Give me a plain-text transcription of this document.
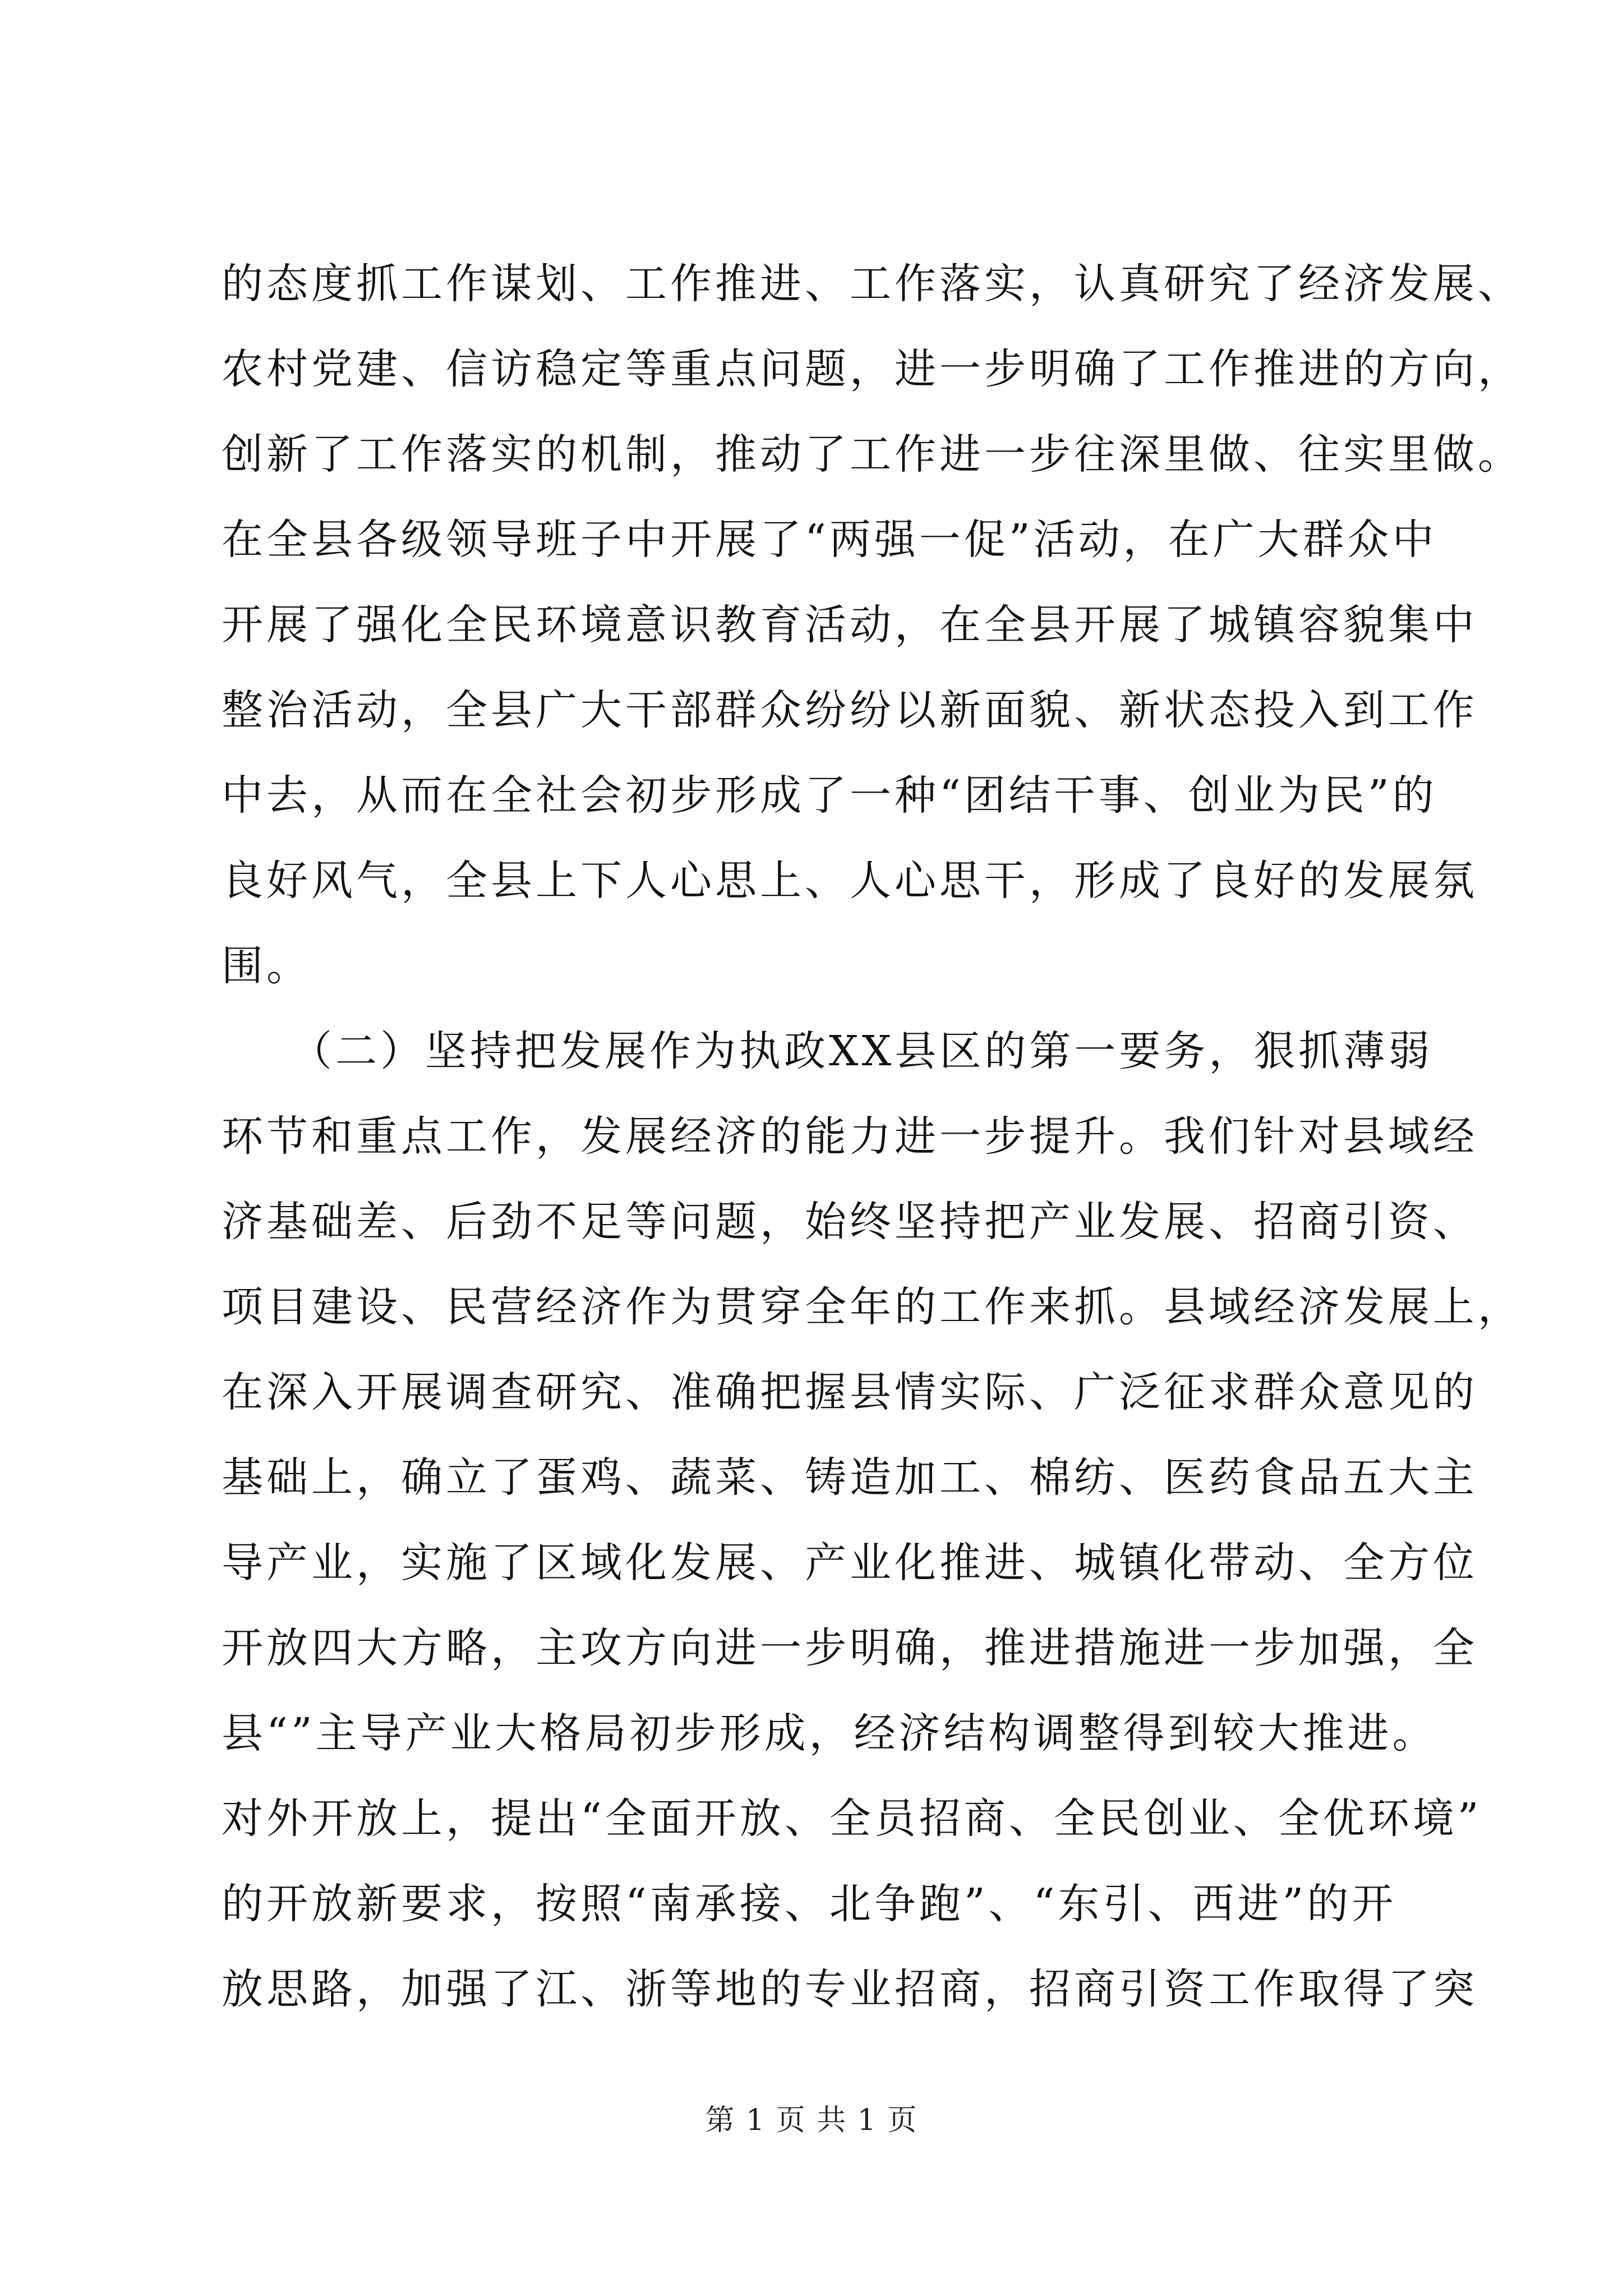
的态度抓工作谋划、工作推进、工作落实，认真研究了经济发展、
农村党建、信访稳定等重点问题，进一步明确了工作推进的方向，
创新了工作落实的机制，推动了工作进一步往深里做、往实里做。
在全县各级领导班子中开展了“两强一促”活动，在广大群众中
开展了强化全民环境意识教育活动，在全县开展了城镇容貌集中
整治活动，全县广大干部群众纷纷以新面貌、新状态投入到工作
中去，从而在全社会初步形成了一种“团结干事、创业为民”的
良好风气，全县上下人心思上、人心思干，形成了良好的发展氛
围。
　　（二）坚持把发展作为执政XX县区的第一要务，狠抓薄弱
环节和重点工作，发展经济的能力进一步提升。我们针对县域经
济基础差、后劲不足等问题，始终坚持把产业发展、招商引资、
项目建设、民营经济作为贯穿全年的工作来抓。县域经济发展上，
在深入开展调查研究、准确把握县情实际、广泛征求群众意见的
基础上，确立了蛋鸡、蔬菜、铸造加工、棉纺、医药食品五大主
导产业，实施了区域化发展、产业化推进、城镇化带动、全方位
开放四大方略，主攻方向进一步明确，推进措施进一步加强，全
县“”主导产业大格局初步形成，经济结构调整得到较大推进。
对外开放上，提出“全面开放、全员招商、全民创业、全优环境”
的开放新要求，按照“南承接、北争跑”、“东引、西进”的开
放思路，加强了江、浙等地的专业招商，招商引资工作取得了突
第 1 页 共 1 页
